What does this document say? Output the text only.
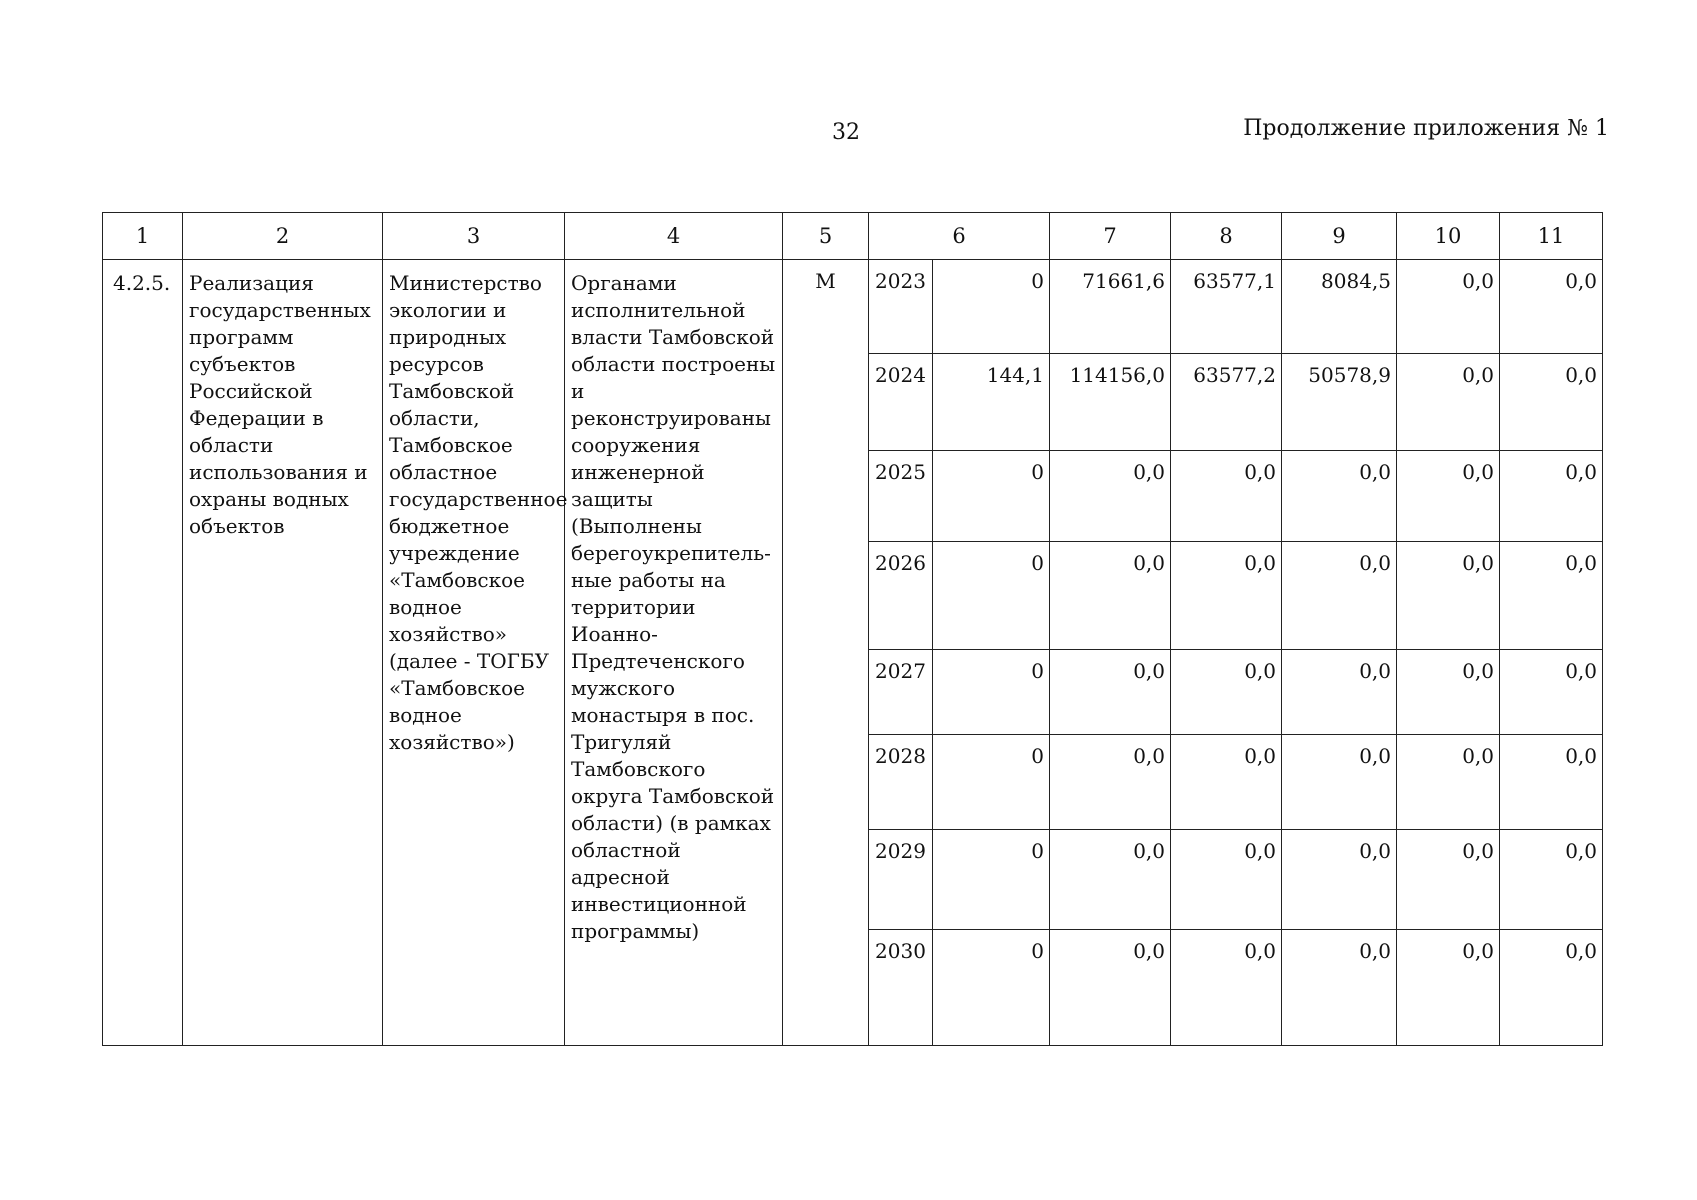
32	Продолжение приложения № 1
1	2	3	4	5	6		7	8	9	10	11
4.2.5.	Реализация государственных программ субъектов Российской Федерации в области использования и охраны водных объектов	Министерство экологии и природных ресурсов Тамбовской области, Тамбовское областное государственное бюджетное учреждение «Тамбовское водное хозяйство» (далее - ТОГБУ «Тамбовское водное хозяйство»)	Органами исполнительной власти Тамбовской области построены и реконструированы сооружения инженерной защиты (Выполнены берегоукрепитель-ные работы на территории Иоанно-Предтеченского мужского монастыря в пос. Тригуляй Тамбовского округа Тамбовской области) (в рамках областной адресной инвестиционной программы)	М	2023	0	71661,6	63577,1	8084,5	0,0	0,0
					2024	144,1	114156,0	63577,2	50578,9	0,0	0,0
					2025	0	0,0	0,0	0,0	0,0	0,0
					2026	0	0,0	0,0	0,0	0,0	0,0
					2027	0	0,0	0,0	0,0	0,0	0,0
					2028	0	0,0	0,0	0,0	0,0	0,0
					2029	0	0,0	0,0	0,0	0,0	0,0
					2030	0	0,0	0,0	0,0	0,0	0,0
